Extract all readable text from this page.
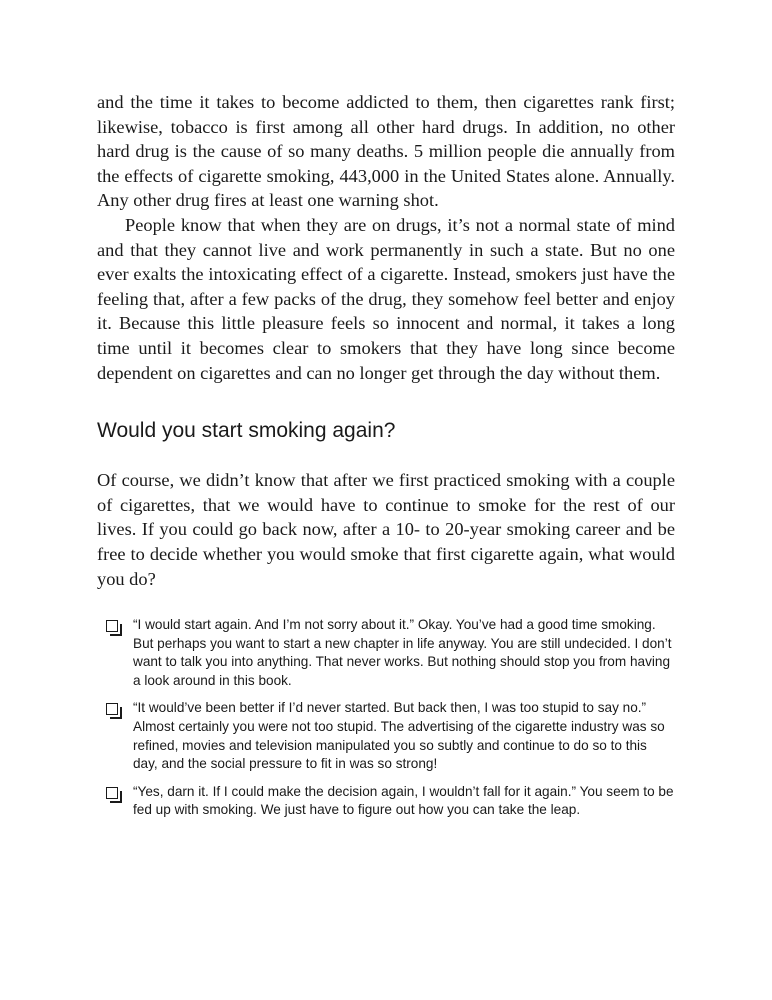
and the time it takes to become addicted to them, then cigarettes rank first; likewise, tobacco is first among all other hard drugs. In addition, no other hard drug is the cause of so many deaths. 5 million people die annually from the effects of cigarette smoking, 443,000 in the United States alone. Annually. Any other drug fires at least one warning shot.

People know that when they are on drugs, it’s not a normal state of mind and that they cannot live and work permanently in such a state. But no one ever exalts the intoxicating effect of a cigarette. Instead, smokers just have the feeling that, after a few packs of the drug, they somehow feel better and enjoy it. Because this little pleasure feels so innocent and normal, it takes a long time until it becomes clear to smokers that they have long since become dependent on cigarettes and can no longer get through the day without them.

Would you start smoking again?

Of course, we didn’t know that after we first practiced smoking with a couple of cigarettes, that we would have to continue to smoke for the rest of our lives. If you could go back now, after a 10- to 20-year smoking career and be free to decide whether you would smoke that first cigarette again, what would you do?

“I would start again. And I’m not sorry about it.” Okay. You’ve had a good time smoking. But perhaps you want to start a new chapter in life anyway. You are still undecided. I don’t want to talk you into anything. That never works. But nothing should stop you from having a look around in this book.
“It would’ve been better if I’d never started. But back then, I was too stupid to say no.” Almost certainly you were not too stupid. The advertising of the cigarette industry was so refined, movies and television manipulated you so subtly and continue to do so to this day, and the social pressure to fit in was so strong!
“Yes, darn it. If I could make the decision again, I wouldn’t fall for it again.” You seem to be fed up with smoking. We just have to figure out how you can take the leap.
